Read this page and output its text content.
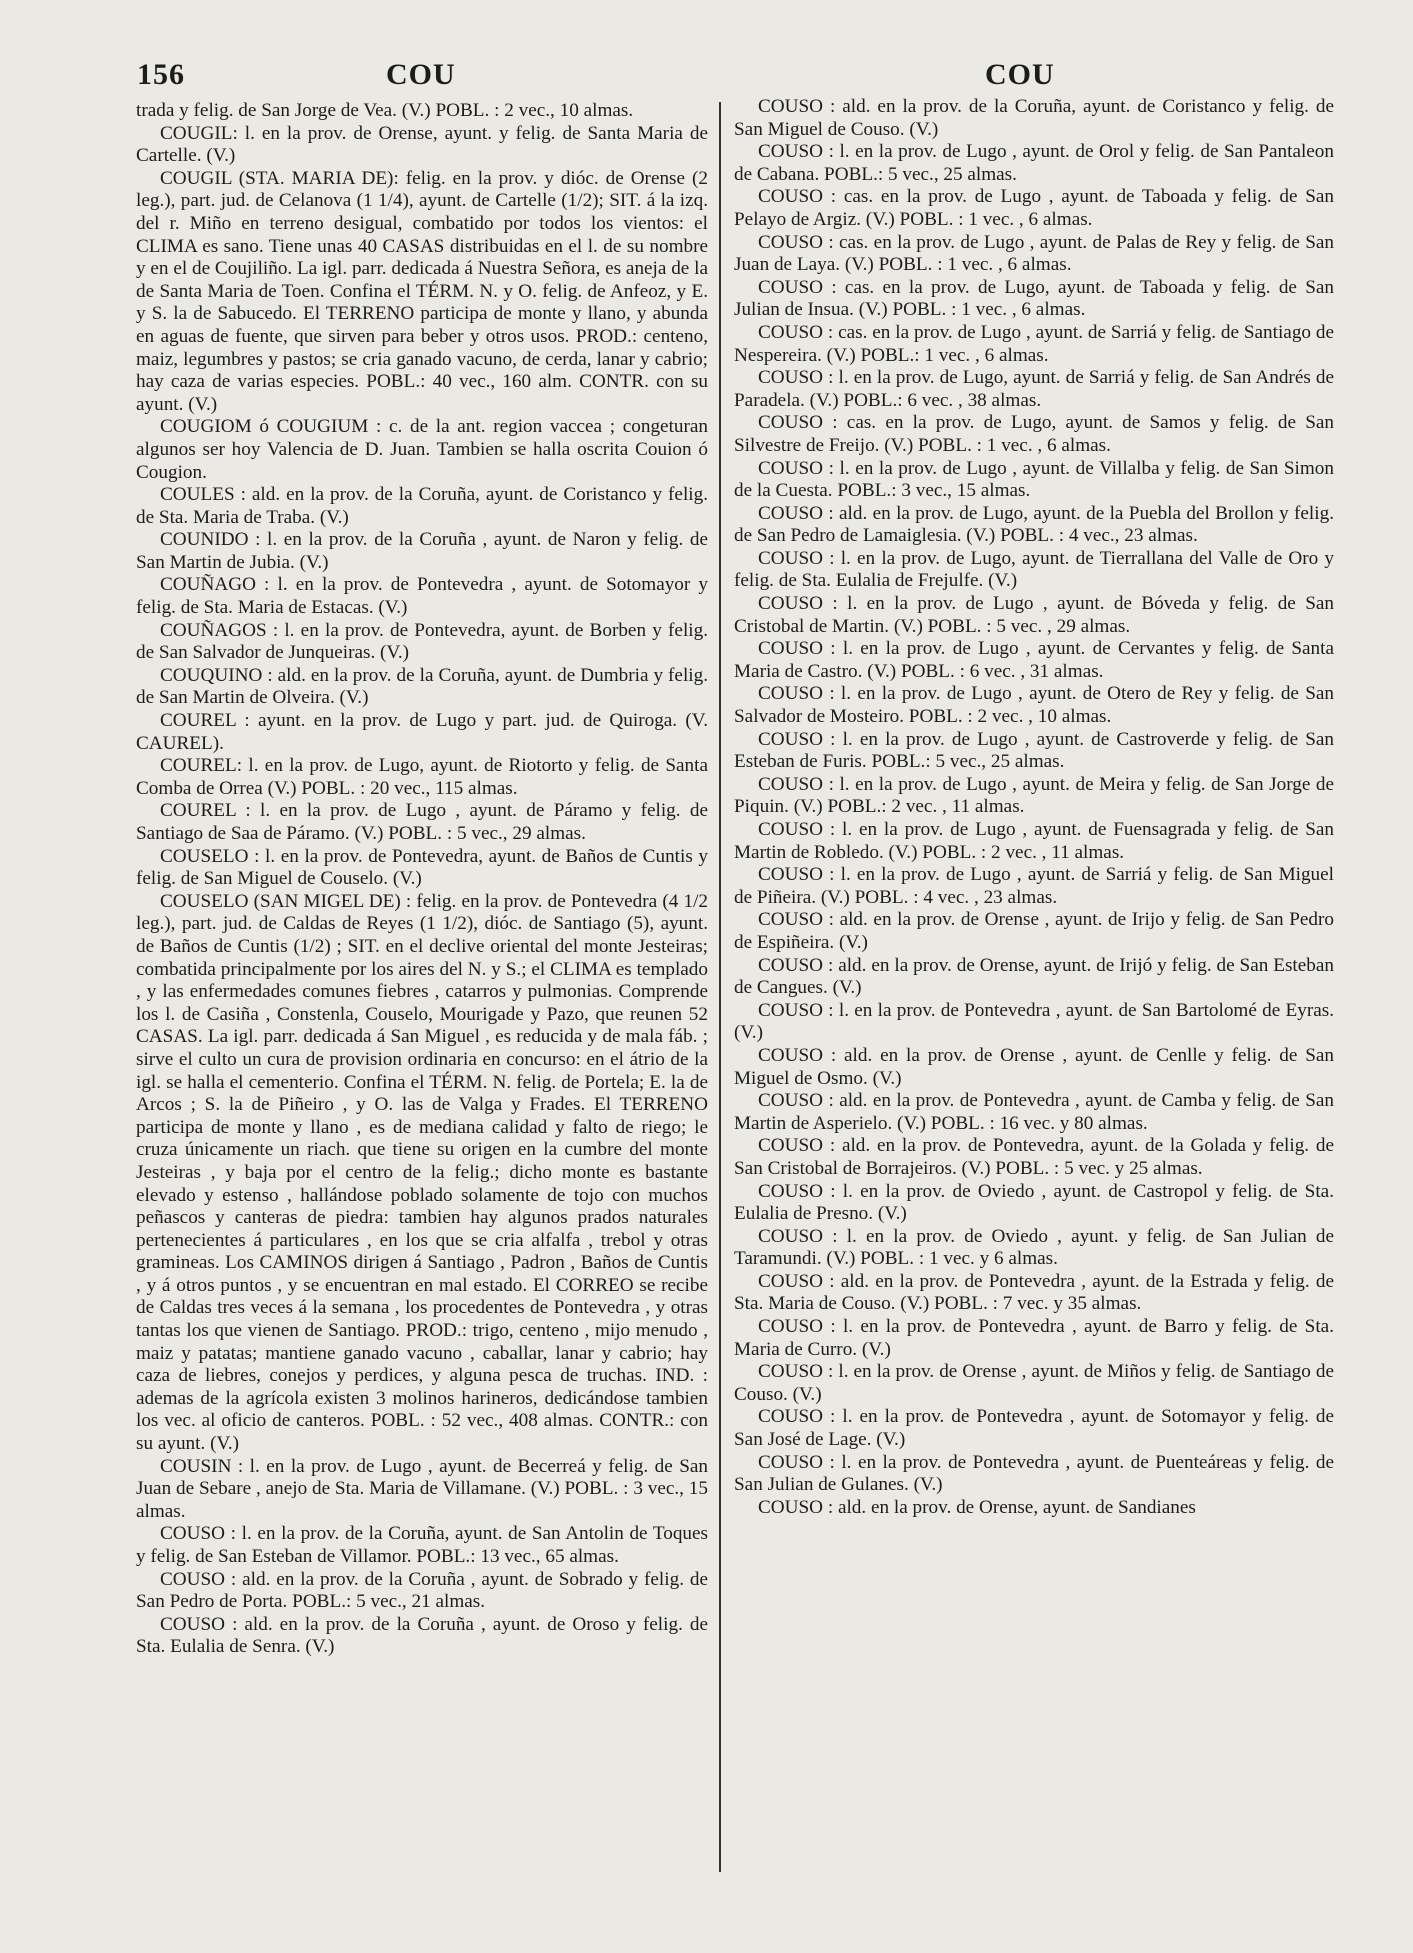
156	COU	COU

trada y felig. de San Jorge de Vea. (V.) POBL. : 2 vec., 10 almas.

COUGIL: l. en la prov. de Orense, ayunt. y felig. de Santa Maria de Cartelle. (V.)

COUGIL (STA. MARIA DE): felig. en la prov. y dióc. de Orense (2 leg.), part. jud. de Celanova (1 1/4), ayunt. de Cartelle (1/2); SIT. á la izq. del r. Miño en terreno desigual, combatido por todos los vientos: el CLIMA es sano. Tiene unas 40 CASAS distribuidas en el l. de su nombre y en el de Coujiliño. La igl. parr. dedicada á Nuestra Señora, es aneja de la de Santa Maria de Toen. Confina el TÉRM. N. y O. felig. de Anfeoz, y E. y S. la de Sabucedo. El TERRENO participa de monte y llano, y abunda en aguas de fuente, que sirven para beber y otros usos. PROD.: centeno, maiz, legumbres y pastos; se cria ganado vacuno, de cerda, lanar y cabrio; hay caza de varias especies. POBL.: 40 vec., 160 alm. CONTR. con su ayunt. (V.)

COUGIOM ó COUGIUM : c. de la ant. region vaccea ; congeturan algunos ser hoy Valencia de D. Juan. Tambien se halla oscrita Couion ó Cougion.

COULES : ald. en la prov. de la Coruña, ayunt. de Coristanco y felig. de Sta. Maria de Traba. (V.)

COUNIDO : l. en la prov. de la Coruña , ayunt. de Naron y felig. de San Martin de Jubia. (V.)

COUÑAGO : l. en la prov. de Pontevedra , ayunt. de Sotomayor y felig. de Sta. Maria de Estacas. (V.)

COUÑAGOS : l. en la prov. de Pontevedra, ayunt. de Borben y felig. de San Salvador de Junqueiras. (V.)

COUQUINO : ald. en la prov. de la Coruña, ayunt. de Dumbria y felig. de San Martin de Olveira. (V.)

COUREL : ayunt. en la prov. de Lugo y part. jud. de Quiroga. (V. CAUREL).

COUREL: l. en la prov. de Lugo, ayunt. de Riotorto y felig. de Santa Comba de Orrea (V.) POBL. : 20 vec., 115 almas.

COUREL : l. en la prov. de Lugo , ayunt. de Páramo y felig. de Santiago de Saa de Páramo. (V.) POBL. : 5 vec., 29 almas.

COUSELO : l. en la prov. de Pontevedra, ayunt. de Baños de Cuntis y felig. de San Miguel de Couselo. (V.)

COUSELO (SAN MIGEL DE) : felig. en la prov. de Pontevedra (4 1/2 leg.), part. jud. de Caldas de Reyes (1 1/2), dióc. de Santiago (5), ayunt. de Baños de Cuntis (1/2) ; SIT. en el declive oriental del monte Jesteiras; combatida principalmente por los aires del N. y S.; el CLIMA es templado , y las enfermedades comunes fiebres , catarros y pulmonias. Comprende los l. de Casiña , Constenla, Couselo, Mourigade y Pazo, que reunen 52 CASAS. La igl. parr. dedicada á San Miguel , es reducida y de mala fáb. ; sirve el culto un cura de provision ordinaria en concurso: en el átrio de la igl. se halla el cementerio. Confina el TÉRM. N. felig. de Portela; E. la de Arcos ; S. la de Piñeiro , y O. las de Valga y Frades. El TERRENO participa de monte y llano , es de mediana calidad y falto de riego; le cruza únicamente un riach. que tiene su origen en la cumbre del monte Jesteiras , y baja por el centro de la felig.; dicho monte es bastante elevado y estenso , hallándose poblado solamente de tojo con muchos peñascos y canteras de piedra: tambien hay algunos prados naturales pertenecientes á particulares , en los que se cria alfalfa , trebol y otras gramineas. Los CAMINOS dirigen á Santiago , Padron , Baños de Cuntis , y á otros puntos , y se encuentran en mal estado. El CORREO se recibe de Caldas tres veces á la semana , los procedentes de Pontevedra , y otras tantas los que vienen de Santiago. PROD.: trigo, centeno , mijo menudo , maiz y patatas; mantiene ganado vacuno , caballar, lanar y cabrio; hay caza de liebres, conejos y perdices, y alguna pesca de truchas. IND. : ademas de la agrícola existen 3 molinos harineros, dedicándose tambien los vec. al oficio de canteros. POBL. : 52 vec., 408 almas. CONTR.: con su ayunt. (V.)

COUSIN : l. en la prov. de Lugo , ayunt. de Becerreá y felig. de San Juan de Sebare , anejo de Sta. Maria de Villamane. (V.) POBL. : 3 vec., 15 almas.

COUSO : l. en la prov. de la Coruña, ayunt. de San Antolin de Toques y felig. de San Esteban de Villamor. POBL.: 13 vec., 65 almas.

COUSO : ald. en la prov. de la Coruña , ayunt. de Sobrado y felig. de San Pedro de Porta. POBL.: 5 vec., 21 almas.

COUSO : ald. en la prov. de la Coruña , ayunt. de Oroso y felig. de Sta. Eulalia de Senra. (V.)

COUSO : ald. en la prov. de la Coruña, ayunt. de Coristanco y felig. de San Miguel de Couso. (V.)

COUSO : l. en la prov. de Lugo , ayunt. de Orol y felig. de San Pantaleon de Cabana. POBL.: 5 vec., 25 almas.

COUSO : cas. en la prov. de Lugo , ayunt. de Taboada y felig. de San Pelayo de Argiz. (V.) POBL. : 1 vec. , 6 almas.

COUSO : cas. en la prov. de Lugo , ayunt. de Palas de Rey y felig. de San Juan de Laya. (V.) POBL. : 1 vec. , 6 almas.

COUSO : cas. en la prov. de Lugo, ayunt. de Taboada y felig. de San Julian de Insua. (V.) POBL. : 1 vec. , 6 almas.

COUSO : cas. en la prov. de Lugo , ayunt. de Sarriá y felig. de Santiago de Nespereira. (V.) POBL.: 1 vec. , 6 almas.

COUSO : l. en la prov. de Lugo, ayunt. de Sarriá y felig. de San Andrés de Paradela. (V.) POBL.: 6 vec. , 38 almas.

COUSO : cas. en la prov. de Lugo, ayunt. de Samos y felig. de San Silvestre de Freijo. (V.) POBL. : 1 vec. , 6 almas.

COUSO : l. en la prov. de Lugo , ayunt. de Villalba y felig. de San Simon de la Cuesta. POBL.: 3 vec., 15 almas.

COUSO : ald. en la prov. de Lugo, ayunt. de la Puebla del Brollon y felig. de San Pedro de Lamaiglesia. (V.) POBL. : 4 vec., 23 almas.

COUSO : l. en la prov. de Lugo, ayunt. de Tierrallana del Valle de Oro y felig. de Sta. Eulalia de Frejulfe. (V.)

COUSO : l. en la prov. de Lugo , ayunt. de Bóveda y felig. de San Cristobal de Martin. (V.) POBL. : 5 vec. , 29 almas.

COUSO : l. en la prov. de Lugo , ayunt. de Cervantes y felig. de Santa Maria de Castro. (V.) POBL. : 6 vec. , 31 almas.

COUSO : l. en la prov. de Lugo , ayunt. de Otero de Rey y felig. de San Salvador de Mosteiro. POBL. : 2 vec. , 10 almas.

COUSO : l. en la prov. de Lugo , ayunt. de Castroverde y felig. de San Esteban de Furis. POBL.: 5 vec., 25 almas.

COUSO : l. en la prov. de Lugo , ayunt. de Meira y felig. de San Jorge de Piquin. (V.) POBL.: 2 vec. , 11 almas.

COUSO : l. en la prov. de Lugo , ayunt. de Fuensagrada y felig. de San Martin de Robledo. (V.) POBL. : 2 vec. , 11 almas.

COUSO : l. en la prov. de Lugo , ayunt. de Sarriá y felig. de San Miguel de Piñeira. (V.) POBL. : 4 vec. , 23 almas.

COUSO : ald. en la prov. de Orense , ayunt. de Irijo y felig. de San Pedro de Espiñeira. (V.)

COUSO : ald. en la prov. de Orense, ayunt. de Irijó y felig. de San Esteban de Cangues. (V.)

COUSO : l. en la prov. de Pontevedra , ayunt. de San Bartolomé de Eyras. (V.)

COUSO : ald. en la prov. de Orense , ayunt. de Cenlle y felig. de San Miguel de Osmo. (V.)

COUSO : ald. en la prov. de Pontevedra , ayunt. de Camba y felig. de San Martin de Asperielo. (V.) POBL. : 16 vec. y 80 almas.

COUSO : ald. en la prov. de Pontevedra, ayunt. de la Golada y felig. de San Cristobal de Borrajeiros. (V.) POBL. : 5 vec. y 25 almas.

COUSO : l. en la prov. de Oviedo , ayunt. de Castropol y felig. de Sta. Eulalia de Presno. (V.)

COUSO : l. en la prov. de Oviedo , ayunt. y felig. de San Julian de Taramundi. (V.) POBL. : 1 vec. y 6 almas.

COUSO : ald. en la prov. de Pontevedra , ayunt. de la Estrada y felig. de Sta. Maria de Couso. (V.) POBL. : 7 vec. y 35 almas.

COUSO : l. en la prov. de Pontevedra , ayunt. de Barro y felig. de Sta. Maria de Curro. (V.)

COUSO : l. en la prov. de Orense , ayunt. de Miños y felig. de Santiago de Couso. (V.)

COUSO : l. en la prov. de Pontevedra , ayunt. de Sotomayor y felig. de San José de Lage. (V.)

COUSO : l. en la prov. de Pontevedra , ayunt. de Puenteáreas y felig. de San Julian de Gulanes. (V.)

COUSO : ald. en la prov. de Orense, ayunt. de Sandianes
